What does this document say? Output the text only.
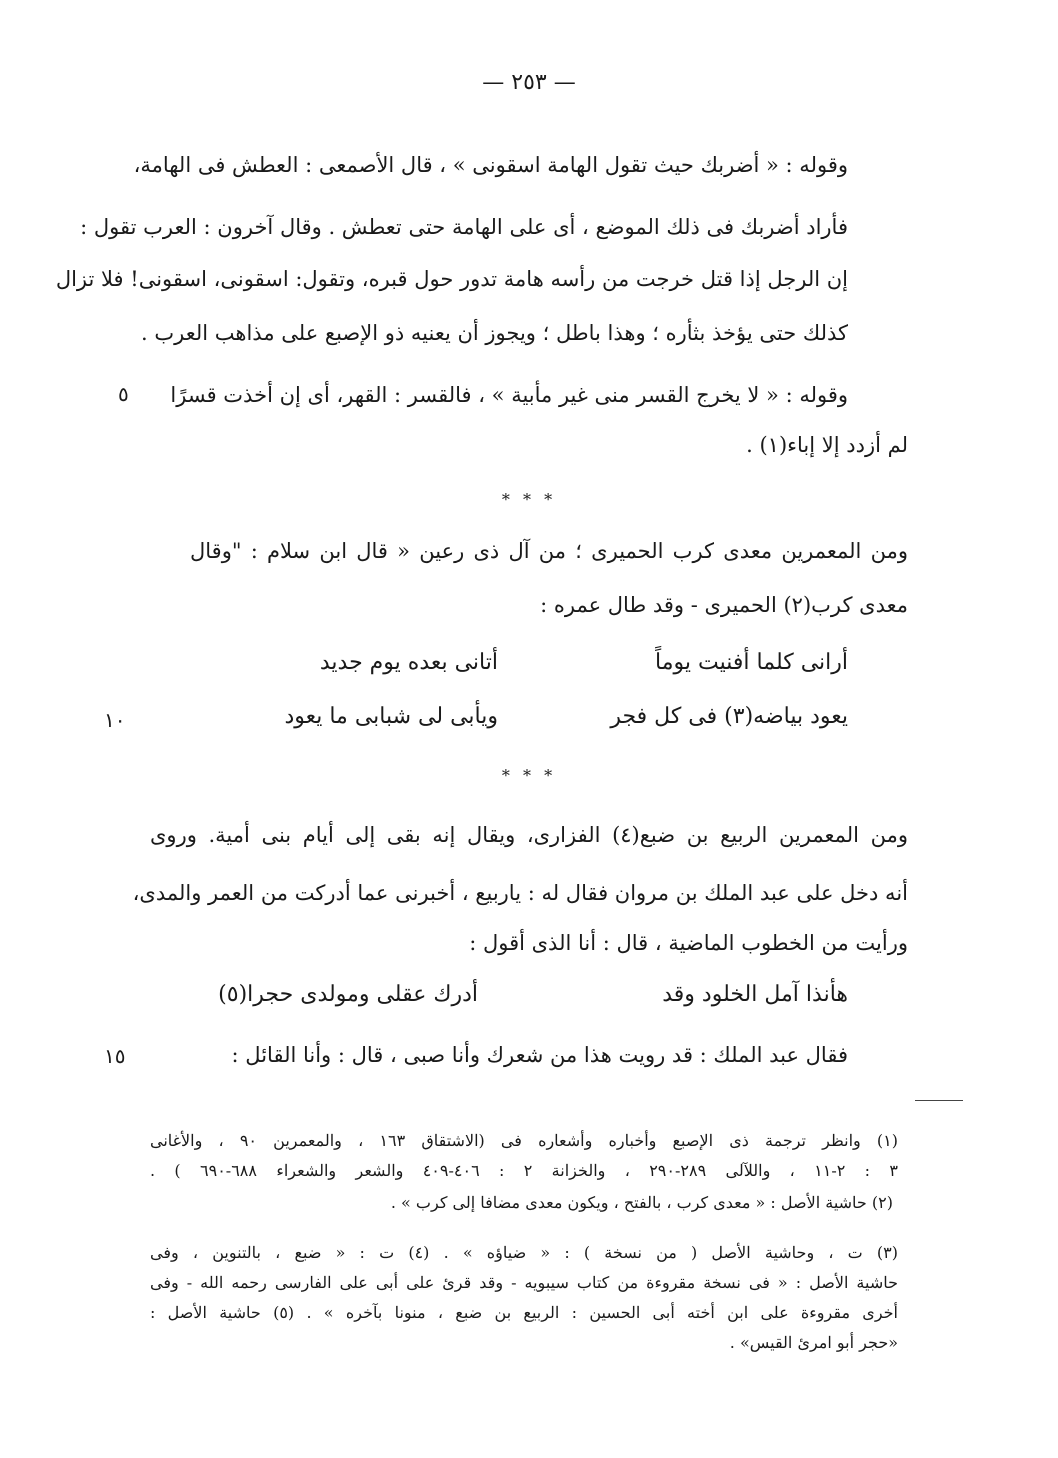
— ٢٥٣ —
وقوله : « أضربك حيث تقول الهامة اسقونى » ، قال الأصمعى : العطش فى الهامة،
فأراد أضربك فى ذلك الموضع ، أى على الهامة حتى تعطش . وقال آخرون : العرب تقول :
إن الرجل إذا قتل خرجت من رأسه هامة تدور حول قبره، وتقول: اسقونى، اسقونى! فلا تزال
كذلك حتى يؤخذ بثأره ؛ وهذا باطل ؛ ويجوز أن يعنيه ذو الإصبع على مذاهب العرب .
وقوله : « لا يخرج القسر منى غير مأبية » ، فالقسر : القهر، أى إن أخذت قسرًا
٥
لم أزدد إلا إباء(١) .
* * *
ومن المعمرين معدى كرب الحميرى ؛ من آل ذى رعين « قال ابن سلام : "وقال
معدى كرب(٢) الحميرى - وقد طال عمره :
أرانى كلما أفنيت يوماً
أتانى بعده يوم جديد
يعود بياضه(٣) فى كل فجر
ويأبى لى شبابى ما يعود
١٠
* * *
ومن المعمرين الربيع بن ضبع(٤) الفزارى، ويقال إنه بقى إلى أيام بنى أمية. وروى
أنه دخل على عبد الملك بن مروان فقال له : ياربيع ، أخبرنى عما أدركت من العمر والمدى،
ورأيت من الخطوب الماضية ، قال : أنا الذى أقول :
هأنذا آمل الخلود وقد
أدرك عقلى ومولدى حجرا(٥)
فقال عبد الملك : قد رويت هذا من شعرك وأنا صبى ، قال : وأنا القائل :
١٥
(١) وانظر ترجمة ذى الإصبع وأخباره وأشعاره فى (الاشتقاق ١٦٣ ، والمعمرين ٩٠ ، والأغانى
٣ : ٢-١١ ، واللآلى ٢٨٩-٢٩٠ ، والخزانة ٢ : ٤٠٦-٤٠٩ والشعر والشعراء ٦٨٨-٦٩٠ ) .
(٢) حاشية الأصل : « معدى كرب ، بالفتح ، ويكون معدى مضافا إلى كرب » .
(٣) ت ، وحاشية الأصل ( من نسخة ) : « ضياؤه » . (٤) ت : « ضبع ، بالتنوين ، وفى
حاشية الأصل : « فى نسخة مقروءة من كتاب سيبويه - وقد قرئ على أبى على الفارسى رحمه الله - وفى
أخرى مقروءة على ابن أخته أبى الحسين : الربيع بن ضبع ، منونا بآخره » . (٥) حاشية الأصل :
«حجر أبو امرئ القيس» .
